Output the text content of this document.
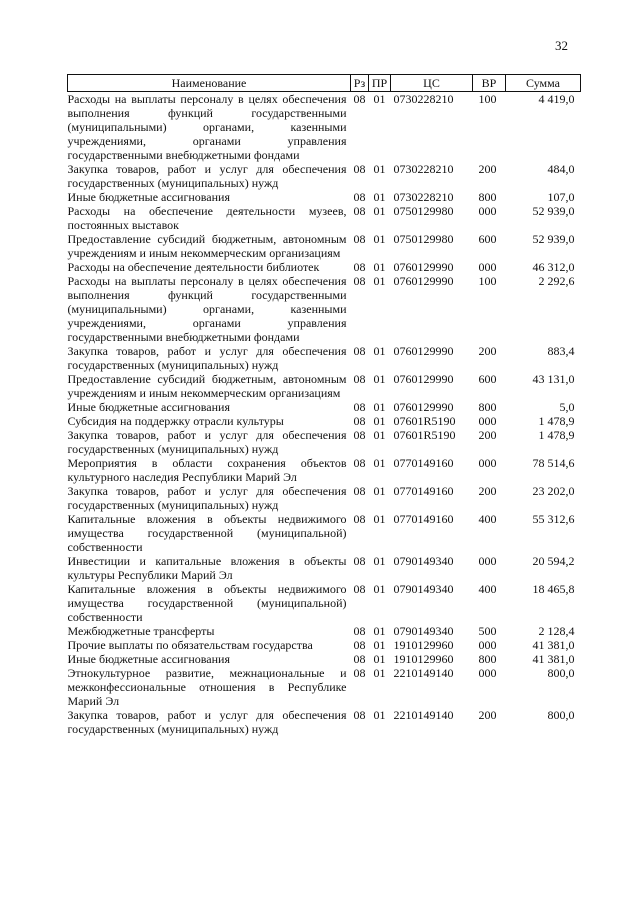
32
Наименование	Рз	ПР	ЦС	ВР	Сумма
Расходы на выплаты персоналу в целях обеспечения выполнения функций государственными (муниципальными) органами, казенными учреждениями, органами управления государственными внебюджетными фондами	08	01	0730228210	100	4 419,0
Закупка товаров, работ и услуг для обеспечения государственных (муниципальных) нужд	08	01	0730228210	200	484,0
Иные бюджетные ассигнования	08	01	0730228210	800	107,0
Расходы на обеспечение деятельности музеев, постоянных выставок	08	01	0750129980	000	52 939,0
Предоставление субсидий бюджетным, автономным учреждениям и иным некоммерческим организациям	08	01	0750129980	600	52 939,0
Расходы на обеспечение деятельности библиотек	08	01	0760129990	000	46 312,0
Расходы на выплаты персоналу в целях обеспечения выполнения функций государственными (муниципальными) органами, казенными учреждениями, органами управления государственными внебюджетными фондами	08	01	0760129990	100	2 292,6
Закупка товаров, работ и услуг для обеспечения государственных (муниципальных) нужд	08	01	0760129990	200	883,4
Предоставление субсидий бюджетным, автономным учреждениям и иным некоммерческим организациям	08	01	0760129990	600	43 131,0
Иные бюджетные ассигнования	08	01	0760129990	800	5,0
Субсидия на поддержку отрасли культуры	08	01	07601R5190	000	1 478,9
Закупка товаров, работ и услуг для обеспечения государственных (муниципальных) нужд	08	01	07601R5190	200	1 478,9
Мероприятия в области сохранения объектов культурного наследия Республики Марий Эл	08	01	0770149160	000	78 514,6
Закупка товаров, работ и услуг для обеспечения государственных (муниципальных) нужд	08	01	0770149160	200	23 202,0
Капитальные вложения в объекты недвижимого имущества государственной (муниципальной) собственности	08	01	0770149160	400	55 312,6
Инвестиции и капитальные вложения в объекты культуры Республики Марий Эл	08	01	0790149340	000	20 594,2
Капитальные вложения в объекты недвижимого имущества государственной (муниципальной) собственности	08	01	0790149340	400	18 465,8
Межбюджетные трансферты	08	01	0790149340	500	2 128,4
Прочие выплаты по обязательствам государства	08	01	1910129960	000	41 381,0
Иные бюджетные ассигнования	08	01	1910129960	800	41 381,0
Этнокультурное развитие, межнациональные и межконфессиональные отношения в Республике Марий Эл	08	01	2210149140	000	800,0
Закупка товаров, работ и услуг для обеспечения государственных (муниципальных) нужд	08	01	2210149140	200	800,0
